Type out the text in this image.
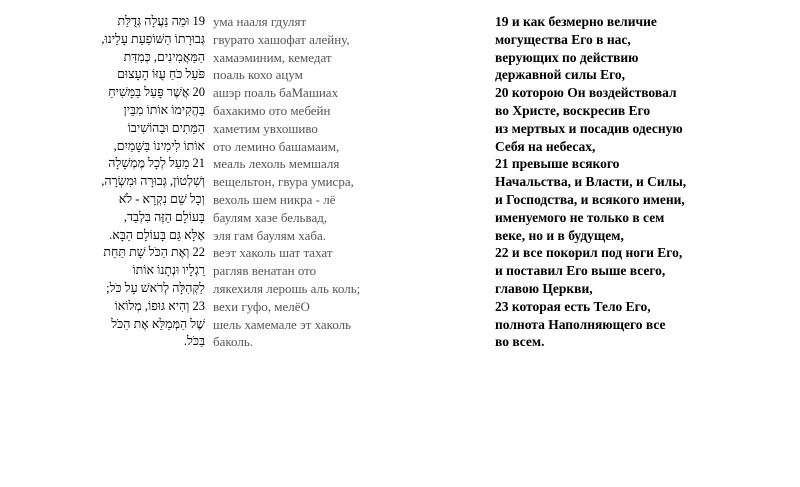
19 וּמַה נַּעֲלָה גְּדֻלַּת
גְּבוּרָתוֹ הַשּׁוֹפַעַת עָלֵינוּ,
הַמַּאֲמִינִים, כְּמִדַּת
פֹּעַל כֹּחַ עֻזּוֹ הָעָצוּם
20 אֲשֶׁר פָּעַל בַּמָּשִׁיחַ
בַּהֲקִימוֹ אוֹתוֹ מִבֵּין
הַמֵּתִים וּבַהוֹשִׁיבוֹ
אוֹתוֹ לִימִינוֹ בַּשָּׁמַיִם,
21 מֵעַל לְכָל מֶמְשָׁלָה
וְשִׁלְטוֹן, גְּבוּרָה וּמִשְׂרָה,
וְכָל שֵׁם נִקְרָא - לֹא
בָּעוֹלָם הַזֶּה בִּלְבַד,
אֶלָּא גַּם בָּעוֹלָם הַבָּא.
22 וְאֶת הַכֹּל שָׁת תַּחַת
רַגְלָיו וּנְתָנוֹ אוֹתוֹ
לַקְּהִלָּה לְרֹאשׁ עַל כֹּל;
23 וְהִיא גּוּפוֹ, מְלוֹאוֹ
שֶׁל הַמְּמַלֵּא אֶת הַכֹּל
בַּכֹּל.
ума нааля гдулят
гвурато хашофат алейну,
хамаэминим, кемедат
поаль кохо ацум
ашэр поаль баМашиах
бахакимо ото мебейн
хаметим увхошиво
ото лемино башамаим,
меаль лехоль мемшаля
вещельтон, гвура умисра,
вехоль шем никра - лё
баулям хазе бельвад,
эля гам баулям хаба.
веэт хаколь шат тахат
рагляв венатан ото
лякехиля лерошь аль коль;
вехи гуфо, мелёО
шель хамемале эт хаколь
баколь.
19 и как безмерно величие
могущества Его в нас,
верующих по действию
державной силы Его,
20 которою Он воздействовал
во Христе, воскресив Его
из мертвых и посадив одесную
Себя на небесах,
21 превыше всякого
Начальства, и Власти, и Силы,
и Господства, и всякого имени,
именуемого не только в сем
веке, но и в будущем,
22 и все покорил под ноги Его,
и поставил Его выше всего,
главою Церкви,
23 которая есть Тело Его,
полнота Наполняющего все
во всем.
